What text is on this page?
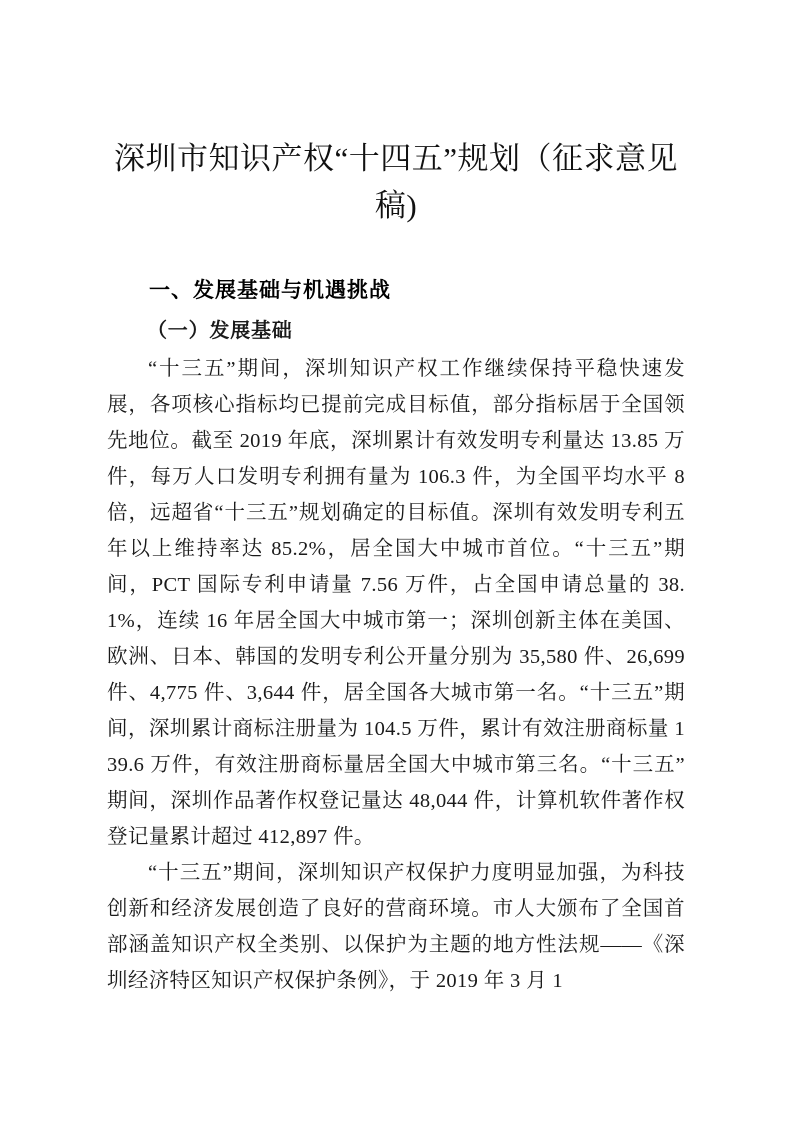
深圳市知识产权“十四五”规划（征求意见
稿)
一、发展基础与机遇挑战
（一）发展基础

“十三五”期间，深圳知识产权工作继续保持平稳快速发展，各项核心指标均已提前完成目标值，部分指标居于全国领先地位。截至 2019 年底，深圳累计有效发明专利量达 13.85 万件，每万人口发明专利拥有量为 106.3 件，为全国平均水平 8 倍，远超省“十三五”规划确定的目标值。深圳有效发明专利五年以上维持率达 85.2%，居全国大中城市首位。“十三五”期间，PCT 国际专利申请量 7.56 万件，占全国申请总量的 38.1%，连续 16 年居全国大中城市第一；深圳创新主体在美国、欧洲、日本、韩国的发明专利公开量分别为 35,580 件、26,699 件、4,775 件、3,644 件，居全国各大城市第一名。“十三五”期间，深圳累计商标注册量为 104.5 万件，累计有效注册商标量 139.6 万件，有效注册商标量居全国大中城市第三名。“十三五”期间，深圳作品著作权登记量达 48,044 件，计算机软件著作权登记量累计超过 412,897 件。

“十三五”期间，深圳知识产权保护力度明显加强，为科技创新和经济发展创造了良好的营商环境。市人大颁布了全国首部涵盖知识产权全类别、以保护为主题的地方性法规——《深圳经济特区知识产权保护条例》，于 2019 年 3 月 1
